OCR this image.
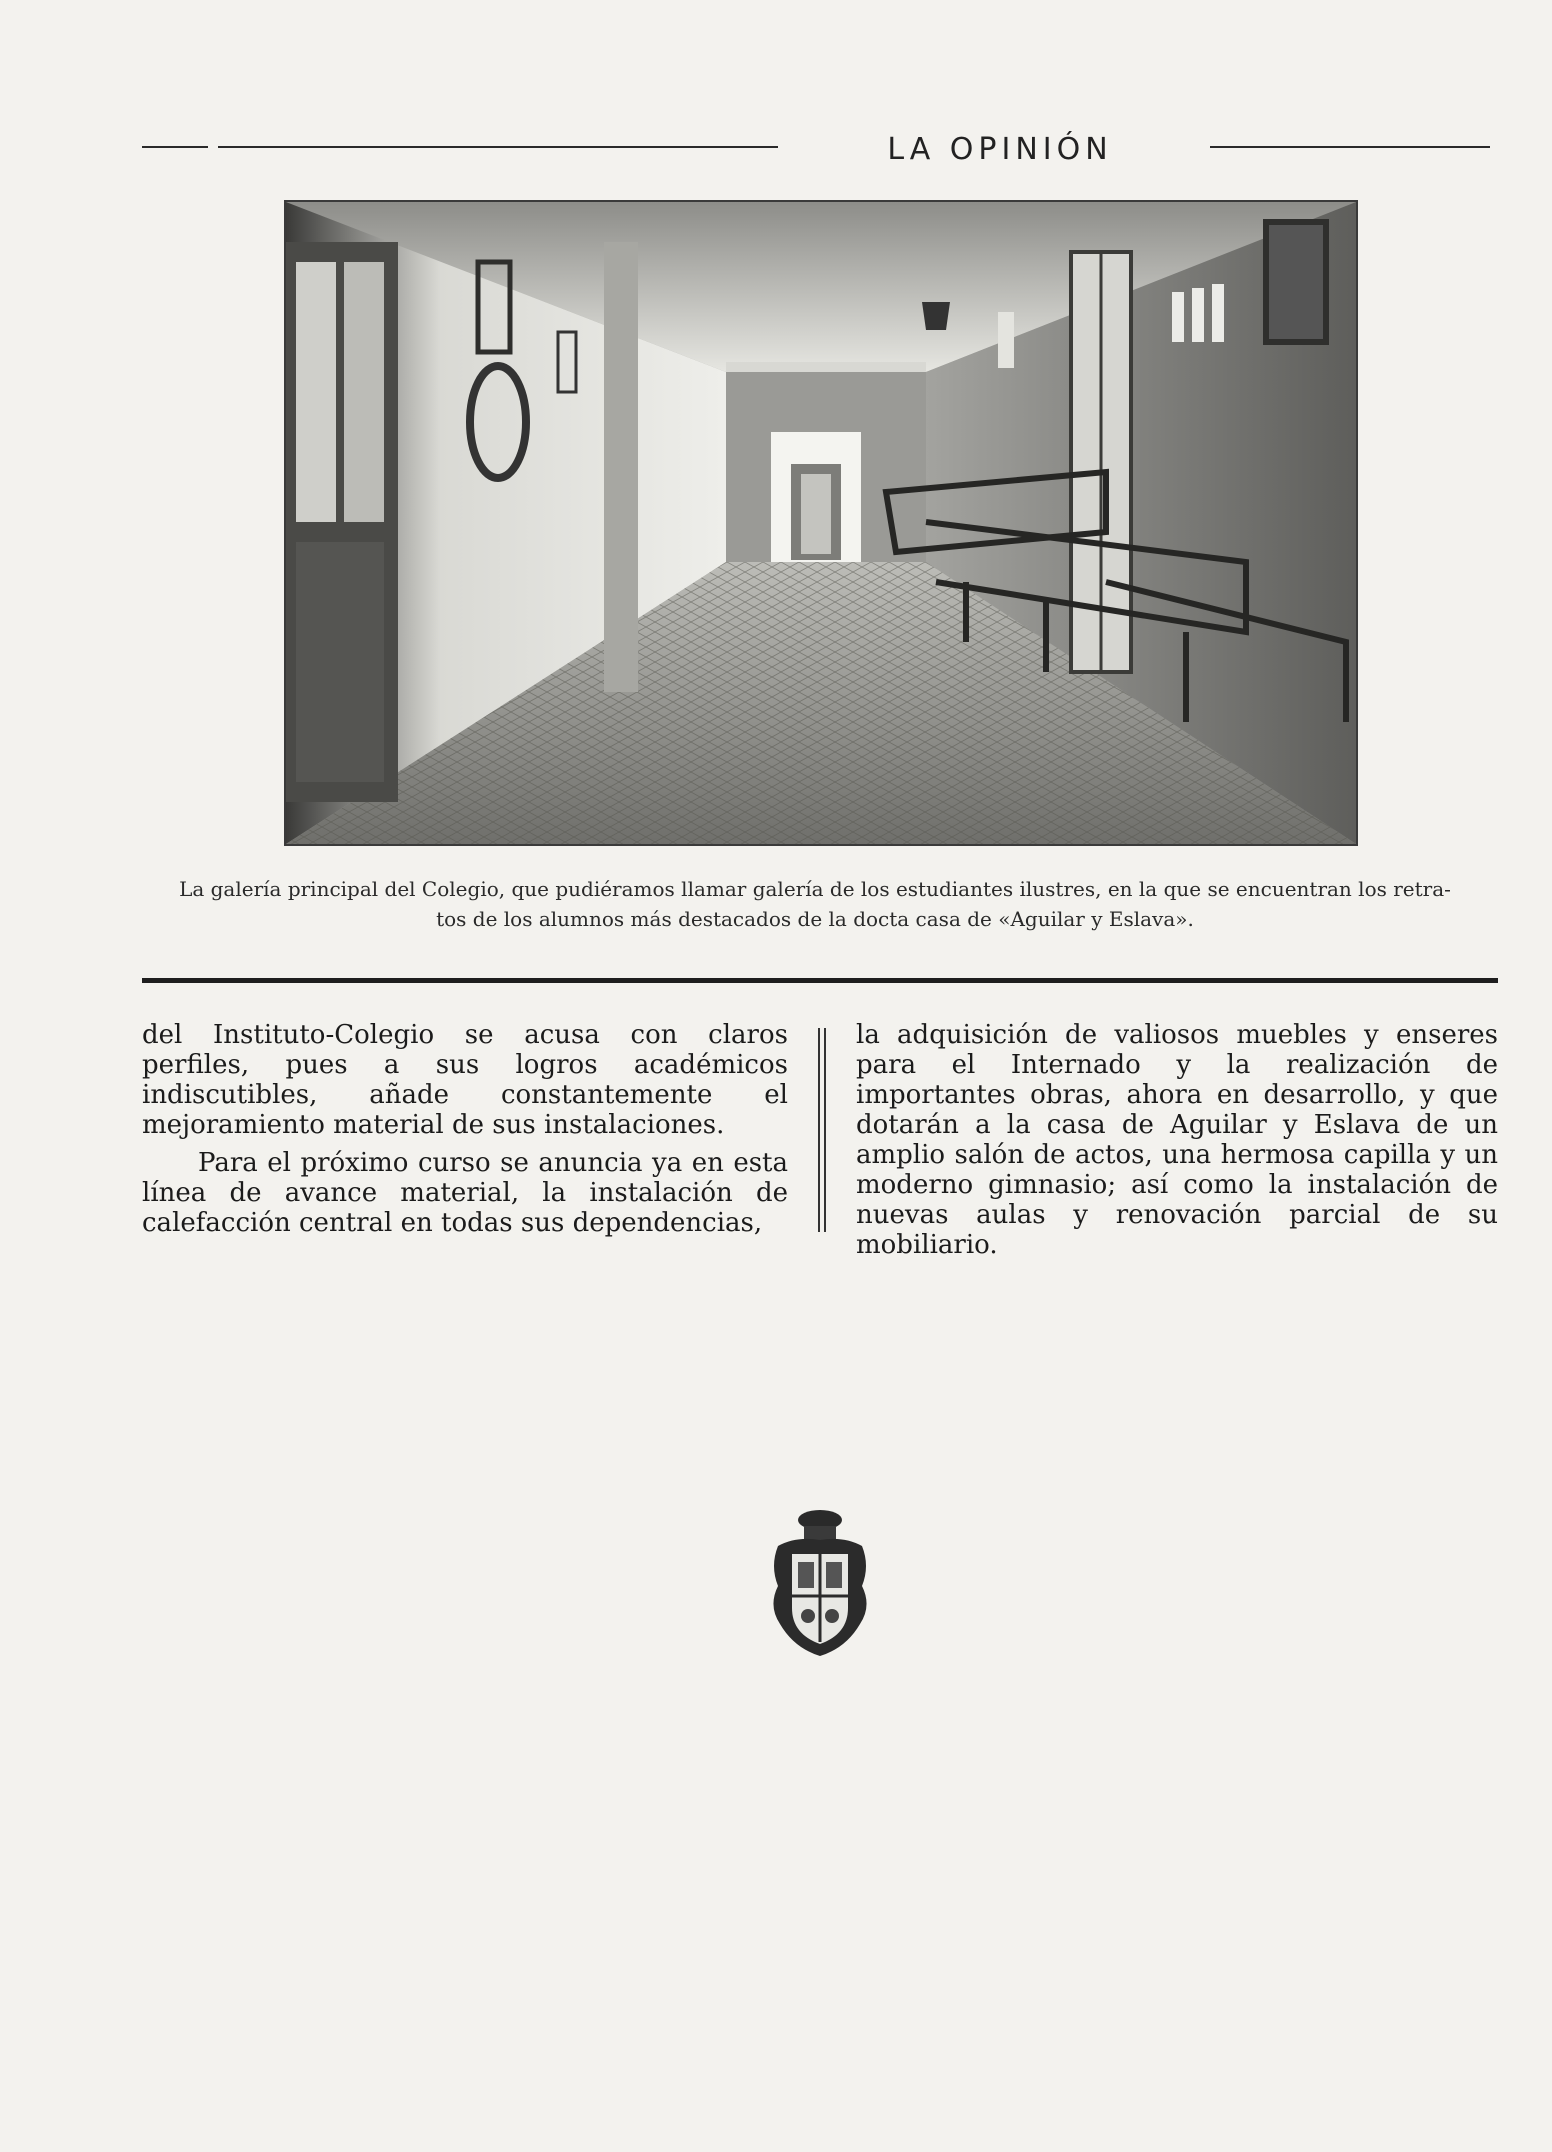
LA OPINIÓN

La galería principal del Colegio, que pudiéramos llamar galería de los estudiantes ilustres, en la que se encuentran los retra-

tos de los alumnos más destacados de la docta casa de «Aguilar y Eslava».

del Instituto-Colegio se acusa con claros perfiles, pues a sus logros académicos indiscutibles, añade constantemente el mejoramiento material de sus instalaciones.

Para el próximo curso se anuncia ya en esta línea de avance material, la instalación de calefacción central en todas sus dependencias,

la adquisición de valiosos muebles y enseres para el Internado y la realización de importantes obras, ahora en desarrollo, y que dotarán a la casa de Aguilar y Eslava de un amplio salón de actos, una hermosa capilla y un moderno gimnasio; así como la instalación de nuevas aulas y renovación parcial de su mobiliario.
